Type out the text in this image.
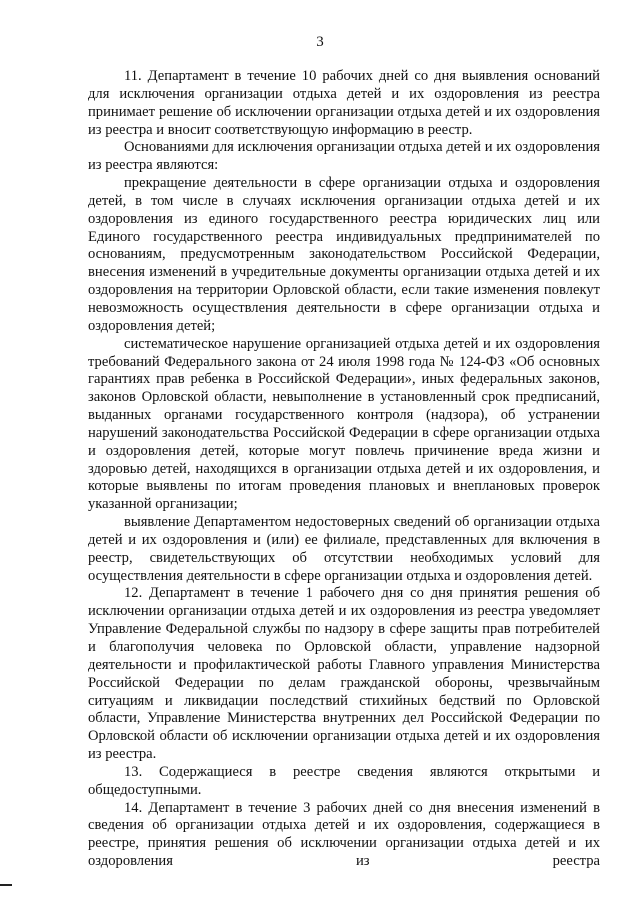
3

11. Департамент в течение 10 рабочих дней со дня выявления оснований для исключения организации отдыха детей и их оздоровления из реестра принимает решение об исключении организации отдыха детей и их оздоровления из реестра и вносит соответствующую информацию в реестр.

Основаниями для исключения организации отдыха детей и их оздоровления из реестра являются:

прекращение деятельности в сфере организации отдыха и оздоровления детей, в том числе в случаях исключения организации отдыха детей и их оздоровления из единого государственного реестра юридических лиц или Единого государственного реестра индивидуальных предпринимателей по основаниям, предусмотренным законодательством Российской Федерации, внесения изменений в учредительные документы организации отдыха детей и их оздоровления на территории Орловской области, если такие изменения повлекут невозможность осуществления деятельности в сфере организации отдыха и оздоровления детей;

систематическое нарушение организацией отдыха детей и их оздоровления требований Федерального закона от 24 июля 1998 года № 124-ФЗ «Об основных гарантиях прав ребенка в Российской Федерации», иных федеральных законов, законов Орловской области, невыполнение в установленный срок предписаний, выданных органами государственного контроля (надзора), об устранении нарушений законодательства Российской Федерации в сфере организации отдыха и оздоровления детей, которые могут повлечь причинение вреда жизни и здоровью детей, находящихся в организации отдыха детей и их оздоровления, и которые выявлены по итогам проведения плановых и внеплановых проверок указанной организации;

выявление Департаментом недостоверных сведений об организации отдыха детей и их оздоровления и (или) ее филиале, представленных для включения в реестр, свидетельствующих об отсутствии необходимых условий для осуществления деятельности в сфере организации отдыха и оздоровления детей.

12. Департамент в течение 1 рабочего дня со дня принятия решения об исключении организации отдыха детей и их оздоровления из реестра уведомляет Управление Федеральной службы по надзору в сфере защиты прав потребителей и благополучия человека по Орловской области, управление надзорной деятельности и профилактической работы Главного управления Министерства Российской Федерации по делам гражданской обороны, чрезвычайным ситуациям и ликвидации последствий стихийных бедствий по Орловской области, Управление Министерства внутренних дел Российской Федерации по Орловской области об исключении организации отдыха детей и их оздоровления из реестра.

13. Содержащиеся в реестре сведения являются открытыми и общедоступными.

14. Департамент в течение 3 рабочих дней со дня внесения изменений в сведения об организации отдыха детей и их оздоровления, содержащиеся в реестре, принятия решения об исключении организации отдыха детей и их оздоровления из реестра
